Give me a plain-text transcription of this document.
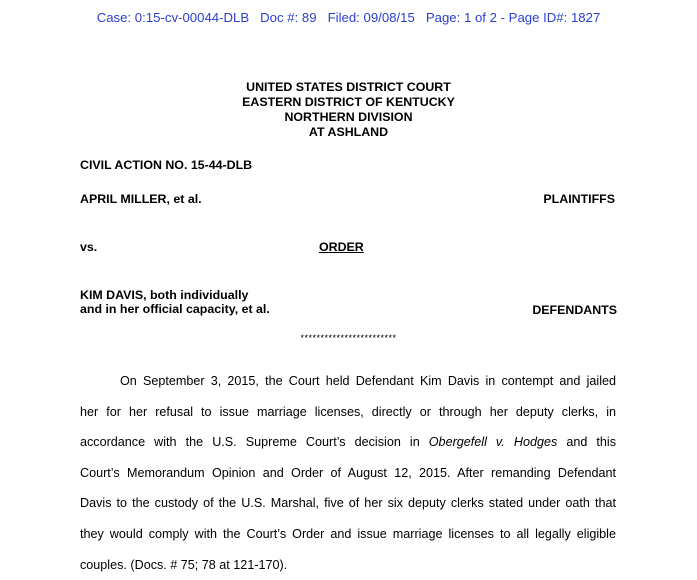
Case: 0:15-cv-00044-DLB   Doc #: 89   Filed: 09/08/15   Page: 1 of 2 - Page ID#: 1827
UNITED STATES DISTRICT COURT
EASTERN DISTRICT OF KENTUCKY
NORTHERN DIVISION
AT ASHLAND
CIVIL ACTION NO. 15-44-DLB
APRIL MILLER, et al.	PLAINTIFFS
vs.	ORDER
KIM DAVIS, both individually
and in her official capacity, et al.	DEFENDANTS
************************
On September 3, 2015, the Court held Defendant Kim Davis in contempt and jailed
her for her refusal to issue marriage licenses, directly or through her deputy clerks, in
accordance with the U.S. Supreme Court’s decision in Obergefell v. Hodges and this
Court’s Memorandum Opinion and Order of August 12, 2015. After remanding Defendant
Davis to the custody of the U.S. Marshal, five of her six deputy clerks stated under oath that
they would comply with the Court’s Order and issue marriage licenses to all legally eligible
couples. (Docs. # 75; 78 at 121-170).
